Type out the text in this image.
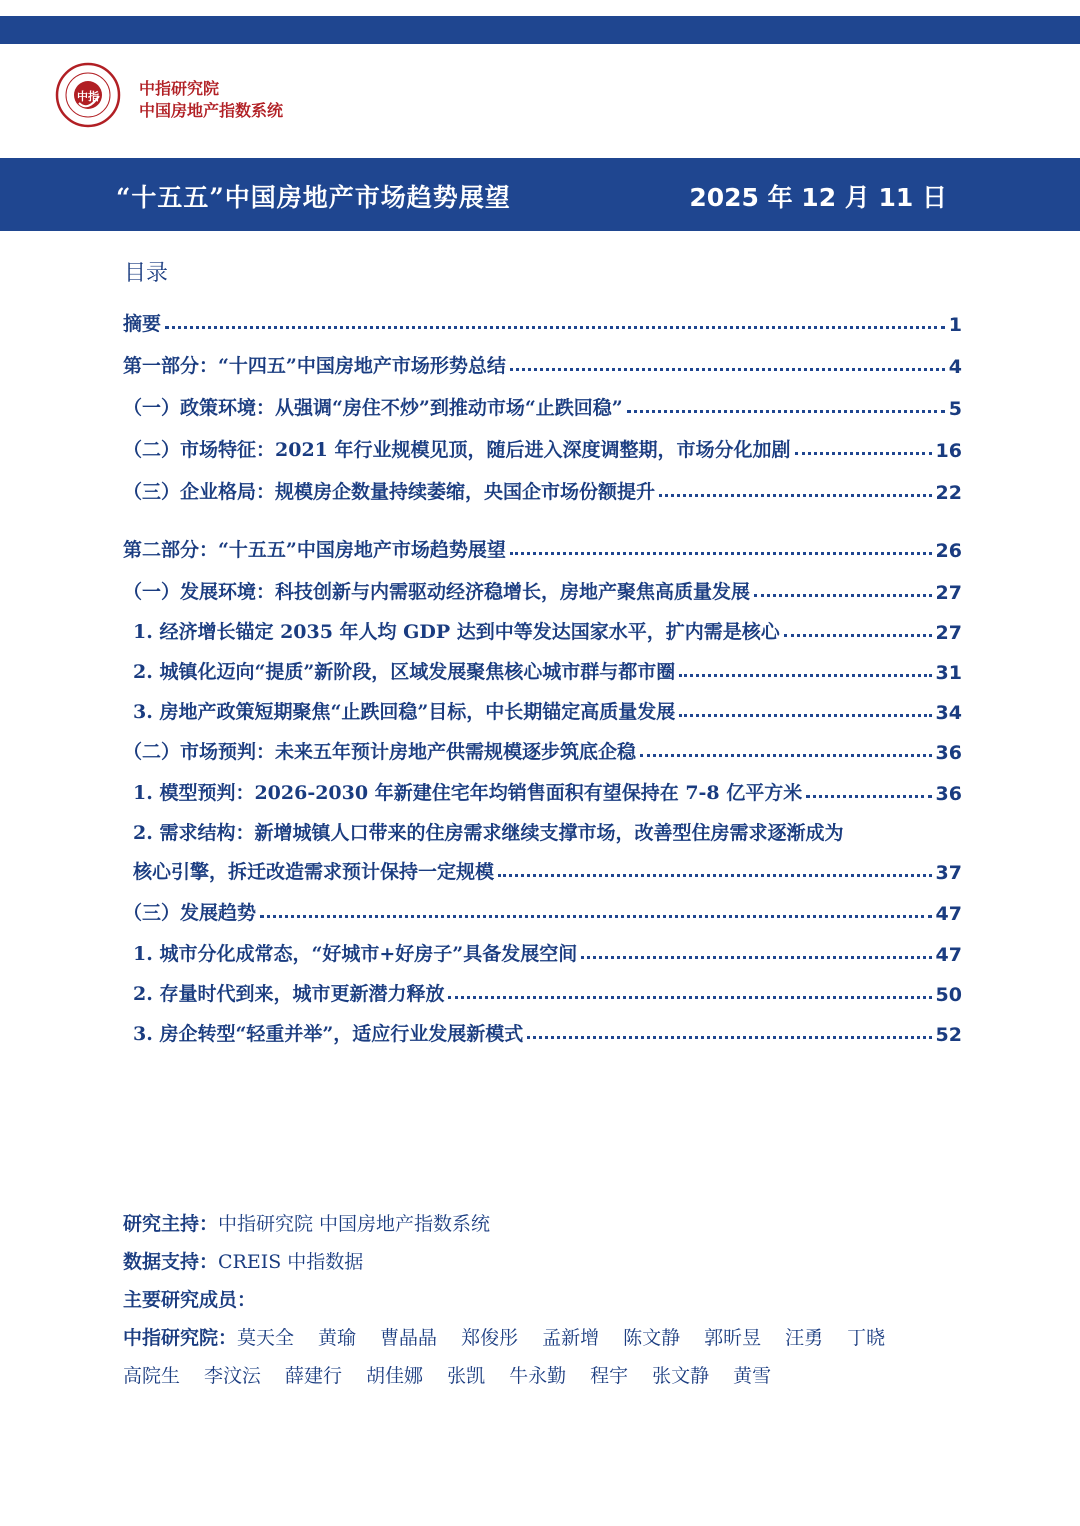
中指	中指研究院
中国房地产指数系统
“十五五”中国房地产市场趋势展望	2025 年 12 月 11 日
目录
摘要	1
第一部分：“十四五”中国房地产市场形势总结	4
（一）政策环境：从强调“房住不炒”到推动市场“止跌回稳”	5
（二）市场特征：2021 年行业规模见顶，随后进入深度调整期，市场分化加剧	16
（三）企业格局：规模房企数量持续萎缩，央国企市场份额提升	22
第二部分：“十五五”中国房地产市场趋势展望	26
（一）发展环境：科技创新与内需驱动经济稳增长，房地产聚焦高质量发展	27
1. 经济增长锚定 2035 年人均 GDP 达到中等发达国家水平，扩内需是核心	27
2. 城镇化迈向“提质”新阶段，区域发展聚焦核心城市群与都市圈	31
3. 房地产政策短期聚焦“止跌回稳”目标，中长期锚定高质量发展	34
（二）市场预判：未来五年预计房地产供需规模逐步筑底企稳	36
1. 模型预判：2026-2030 年新建住宅年均销售面积有望保持在 7-8 亿平方米	36
2. 需求结构：新增城镇人口带来的住房需求继续支撑市场，改善型住房需求逐渐成为
核心引擎，拆迁改造需求预计保持一定规模	37
（三）发展趋势	47
1. 城市分化成常态，“好城市+好房子”具备发展空间	47
2. 存量时代到来，城市更新潜力释放	50
3. 房企转型“轻重并举”，适应行业发展新模式	52
研究主持：中指研究院 中国房地产指数系统
数据支持：CREIS 中指数据
主要研究成员：
中指研究院：莫天全 黄瑜 曹晶晶 郑俊彤 孟新增 陈文静 郭昕昱 汪勇 丁晓
高院生 李汶沄 薛建行 胡佳娜 张凯 牛永勤 程宇 张文静 黄雪
